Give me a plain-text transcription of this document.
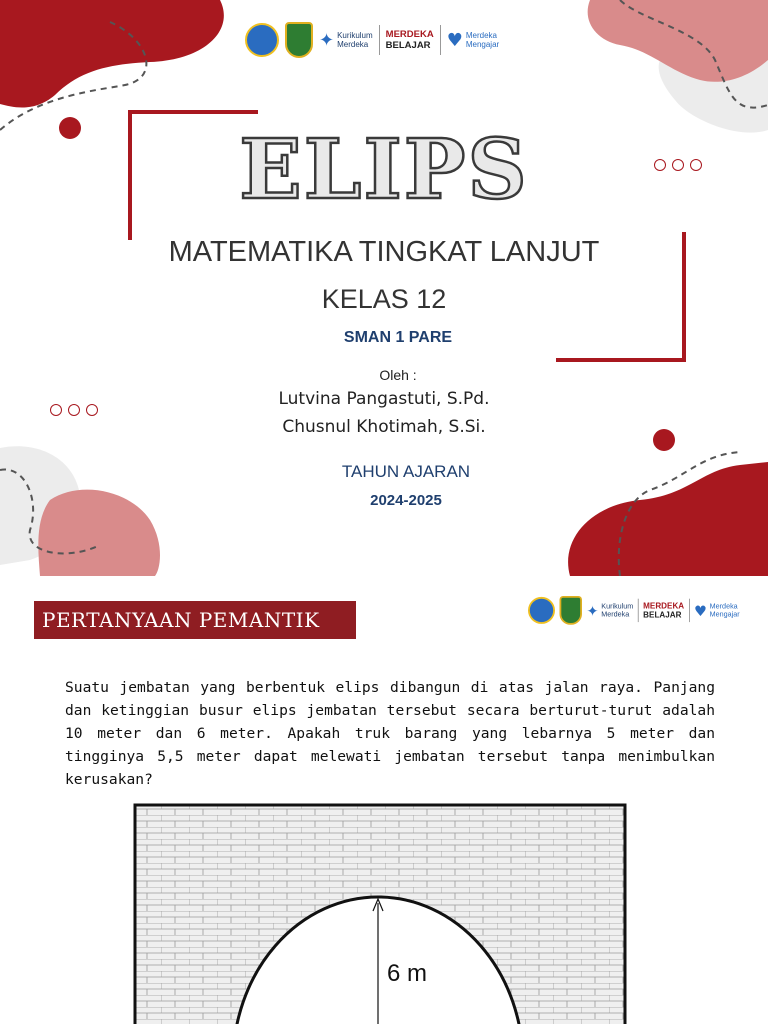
✦ Kurikulum
Merdeka
MERDEKA
BELAJAR ♥ Merdeka
Mengajar
ELIPS
MATEMATIKA TINGKAT LANJUT
KELAS 12
SMAN 1 PARE
Oleh :
Lutvina Pangastuti, S.Pd.
Chusnul Khotimah, S.Si.
TAHUN AJARAN
2024-2025
PERTANYAAN PEMANTIK	✦ Kurikulum
Merdeka
MERDEKA
BELAJAR ♥ Merdeka
Mengajar
Suatu jembatan yang berbentuk elips dibangun di atas jalan raya. Panjang dan ketinggian busur elips jembatan tersebut secara berturut-turut adalah 10 meter dan 6 meter. Apakah truk barang yang lebarnya 5 meter dan tingginya 5,5 meter dapat melewati jembatan tersebut tanpa menimbulkan kerusakan?
6 m
